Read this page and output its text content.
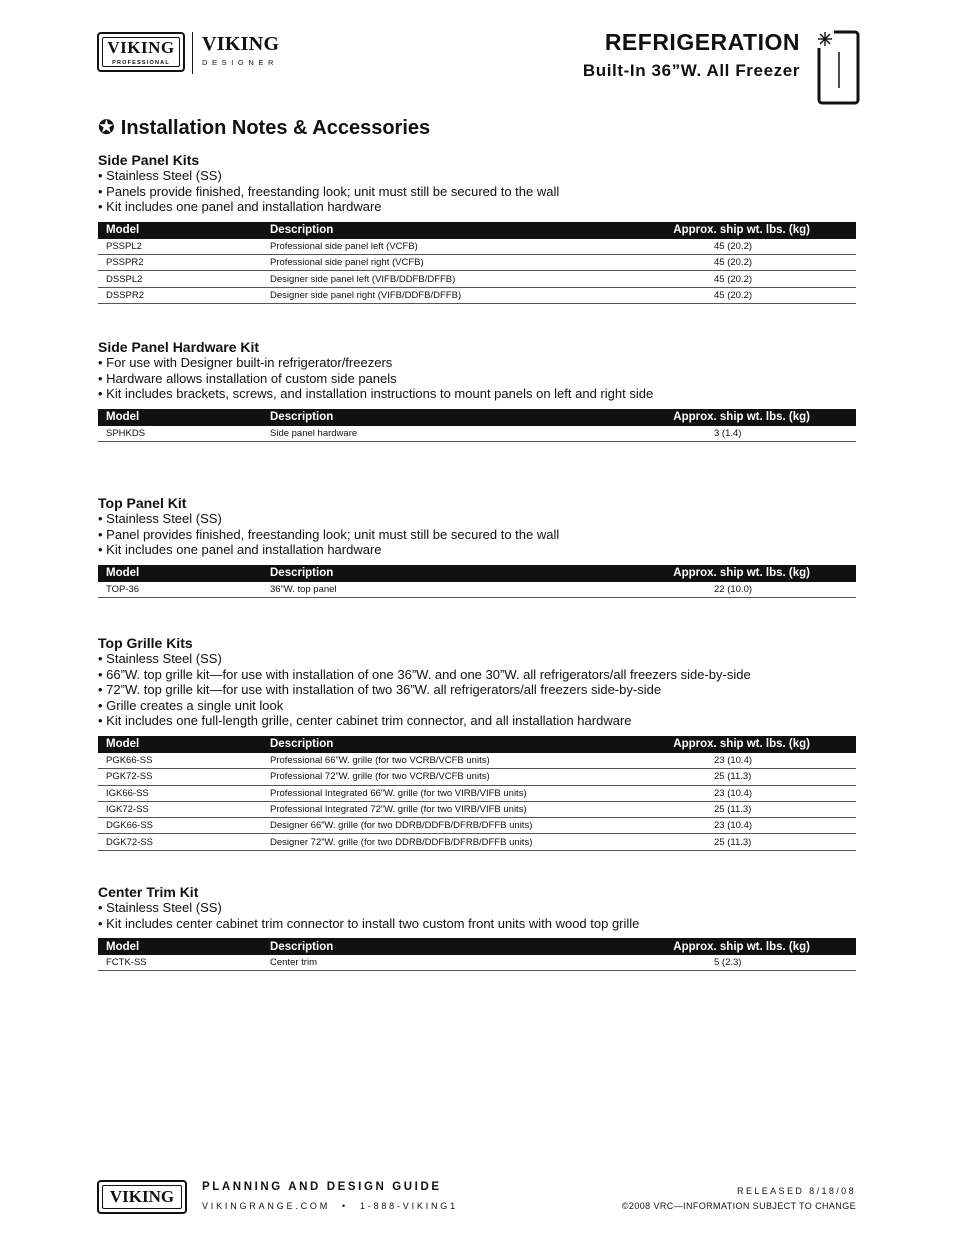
VIKING
PROFESSIONAL
VIKING
DESIGNER
REFRIGERATION
Built-In 36”W. All Freezer
✪ Installation Notes & Accessories
Side Panel Kits
• Stainless Steel (SS)
• Panels provide finished, freestanding look; unit must still be secured to the wall
• Kit includes one panel and installation hardware
Model	Description	Approx. ship wt. lbs. (kg)
PSSPL2	Professional side panel left (VCFB)	45 (20.2)
PSSPR2	Professional side panel right (VCFB)	45 (20.2)
DSSPL2	Designer side panel left (VIFB/DDFB/DFFB)	45 (20.2)
DSSPR2	Designer side panel right (VIFB/DDFB/DFFB)	45 (20.2)
Side Panel Hardware Kit
• For use with Designer built-in refrigerator/freezers
• Hardware allows installation of custom side panels
• Kit includes brackets, screws, and installation instructions to mount panels on left and right side
Model	Description	Approx. ship wt. lbs. (kg)
SPHKDS	Side panel hardware	3 (1.4)
Top Panel Kit
• Stainless Steel (SS)
• Panel provides finished, freestanding look; unit must still be secured to the wall
• Kit includes one panel and installation hardware
Model	Description	Approx. ship wt. lbs. (kg)
TOP-36	36”W. top panel	22 (10.0)
Top Grille Kits
• Stainless Steel (SS)
• 66”W. top grille kit—for use with installation of one 36”W. and one 30”W. all refrigerators/all freezers side-by-side
• 72”W. top grille kit—for use with installation of two 36”W. all refrigerators/all freezers side-by-side
• Grille creates a single unit look
• Kit includes one full-length grille, center cabinet trim connector, and all installation hardware
Model	Description	Approx. ship wt. lbs. (kg)
PGK66-SS	Professional 66”W. grille (for two VCRB/VCFB units)	23 (10.4)
PGK72-SS	Professional 72”W. grille (for two VCRB/VCFB units)	25 (11.3)
IGK66-SS	Professional Integrated 66”W. grille (for two VIRB/VIFB units)	23 (10.4)
IGK72-SS	Professional Integrated 72”W. grille (for two VIRB/VIFB units)	25 (11.3)
DGK66-SS	Designer 66”W. grille (for two DDRB/DDFB/DFRB/DFFB units)	23 (10.4)
DGK72-SS	Designer 72”W. grille (for two DDRB/DDFB/DFRB/DFFB units)	25 (11.3)
Center Trim Kit
• Stainless Steel (SS)
• Kit includes center cabinet trim connector to install two custom front units with wood top grille
Model	Description	Approx. ship wt. lbs. (kg)
FCTK-SS	Center trim	5 (2.3)
VIKING	PLANNING AND DESIGN GUIDE
VIKINGRANGE.COM • 1-888-VIKING1
RELEASED 8/18/08
©2008 VRC—INFORMATION SUBJECT TO CHANGE
